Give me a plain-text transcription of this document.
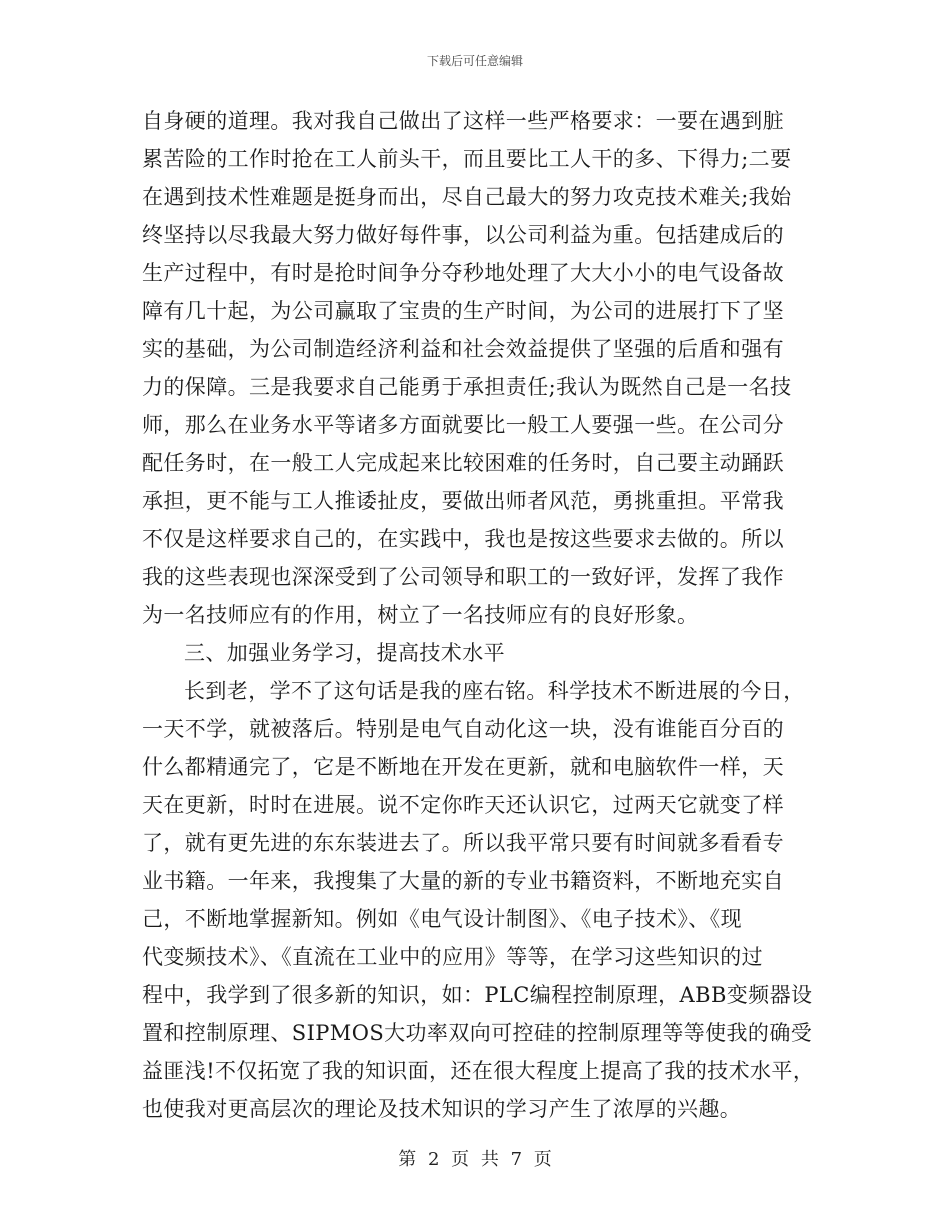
下载后可任意编辑
自身硬的道理。我对我自己做出了这样一些严格要求：一要在遇到脏
累苦险的工作时抢在工人前头干，而且要比工人干的多、下得力;二要
在遇到技术性难题是挺身而出，尽自己最大的努力攻克技术难关;我始
终坚持以尽我最大努力做好每件事，以公司利益为重。包括建成后的
生产过程中，有时是抢时间争分夺秒地处理了大大小小的电气设备故
障有几十起，为公司赢取了宝贵的生产时间，为公司的进展打下了坚
实的基础，为公司制造经济利益和社会效益提供了坚强的后盾和强有
力的保障。三是我要求自己能勇于承担责任;我认为既然自己是一名技
师，那么在业务水平等诸多方面就要比一般工人要强一些。在公司分
配任务时，在一般工人完成起来比较困难的任务时，自己要主动踊跃
承担，更不能与工人推诿扯皮，要做出师者风范，勇挑重担。平常我
不仅是这样要求自己的，在实践中，我也是按这些要求去做的。所以
我的这些表现也深深受到了公司领导和职工的一致好评，发挥了我作
为一名技师应有的作用，树立了一名技师应有的良好形象。
三、加强业务学习，提高技术水平
长到老，学不了这句话是我的座右铭。科学技术不断进展的今日，
一天不学，就被落后。特别是电气自动化这一块，没有谁能百分百的
什么都精通完了，它是不断地在开发在更新，就和电脑软件一样，天
天在更新，时时在进展。说不定你昨天还认识它，过两天它就变了样
了，就有更先进的东东装进去了。所以我平常只要有时间就多看看专
业书籍。一年来，我搜集了大量的新的专业书籍资料，不断地充实自
己，不断地掌握新知。例如《电气设计制图》、《电子技术》、《现
代变频技术》、《直流在工业中的应用》等等，在学习这些知识的过
程中，我学到了很多新的知识，如：PLC编程控制原理，ABB变频器设
置和控制原理、SIPMOS大功率双向可控硅的控制原理等等使我的确受
益匪浅!不仅拓宽了我的知识面，还在很大程度上提高了我的技术水平，
也使我对更高层次的理论及技术知识的学习产生了浓厚的兴趣。
第 2 页 共 7 页
